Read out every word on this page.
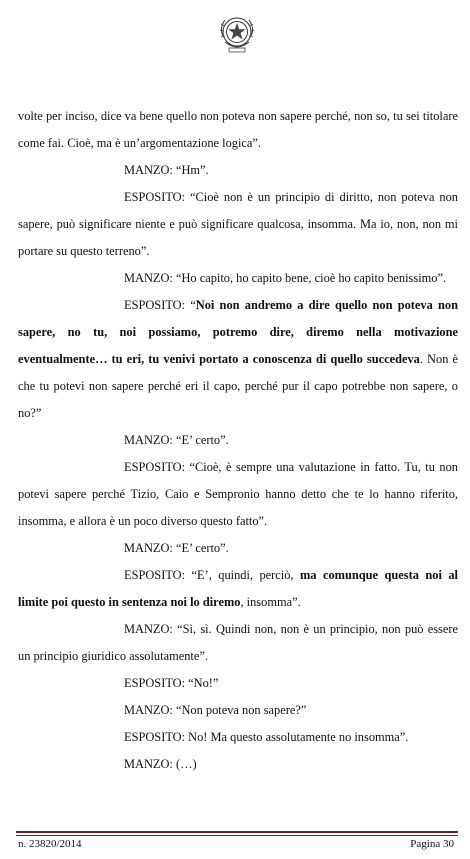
volte per inciso, dice va bene quello non poteva non sapere perché, non so, tu sei titolare come fai. Cioè, ma è un’argomentazione logica”.

MANZO: “Hm”.

ESPOSITO: “Cioè non è un principio di diritto, non poteva non sapere, può significare niente e può significare qualcosa, insomma. Ma io, non, non mi portare su questo terreno”.

MANZO: “Ho capito, ho capito bene, cioè ho capito benissimo”.

ESPOSITO: “Noi non andremo a dire quello non poteva non sapere, no tu, noi possiamo, potremo dire, diremo nella motivazione eventualmente… tu eri, tu venivi portato a conoscenza di quello succedeva. Non è che tu potevi non sapere perché eri il capo, perché pur il capo potrebbe non sapere, o no?”

MANZO: “E’ certo”.

ESPOSITO: “Cioè, è sempre una valutazione in fatto. Tu, tu non potevi sapere perché Tizio, Caio e Sempronio hanno detto che te lo hanno riferito, insomma, e allora è un poco diverso questo fatto”.

MANZO: “E’ certo”.

ESPOSITO: “E’, quindi, perciò, ma comunque questa noi al limite poi questo in sentenza noi lo diremo, insomma”.

MANZO: “Sì, sì. Quindi non, non è un principio, non può essere un principio giuridico assolutamente”.

ESPOSITO: “No!”

MANZO: “Non poteva non sapere?”

ESPOSITO: No! Ma questo assolutamente no insomma”.

MANZO: (…)

n. 23820/2014	Pagina 30
